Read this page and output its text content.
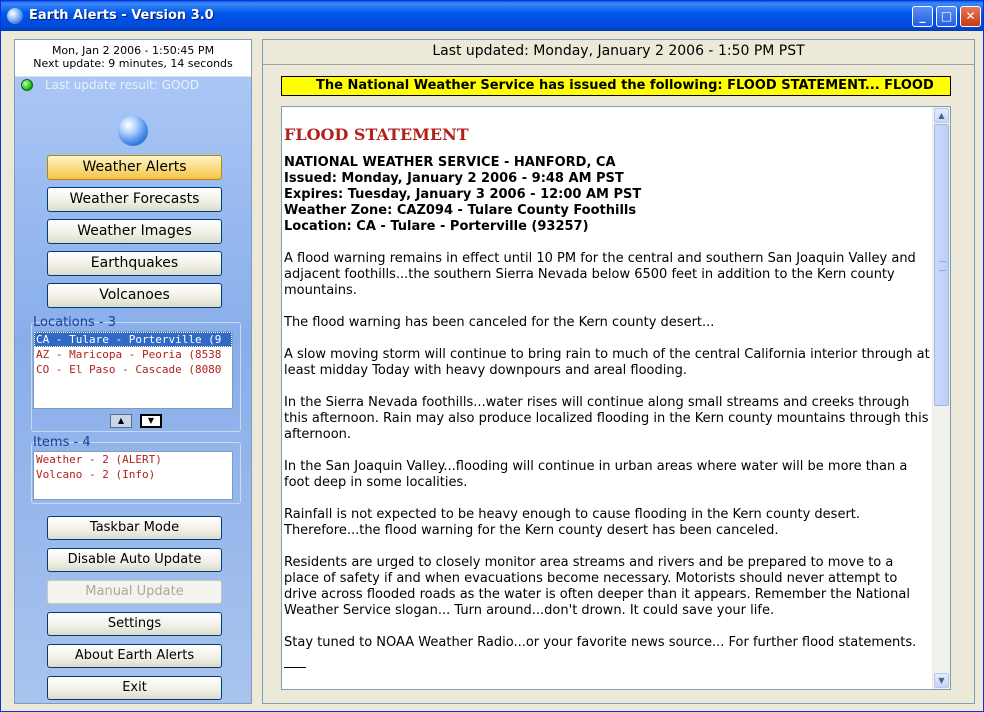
Earth Alerts - Version 3.0	_	□	✕
Mon, Jan 2 2006 - 1:50:45 PM
Next update: 9 minutes, 14 seconds
Last update result: GOOD
Weather Alerts
Weather Forecasts
Weather Images
Earthquakes
Volcanoes
Locations - 3
CA - Tulare - Porterville (9
AZ - Maricopa - Peoria (8538
CO - El Paso - Cascade (8080
▲	▼
Items - 4
Weather - 2 (ALERT)
Volcano - 2 (Info)
Taskbar Mode
Disable Auto Update
Manual Update
Settings
About Earth Alerts
Exit
Last updated: Monday, January 2 2006 - 1:50 PM PST
The National Weather Service has issued the following: FLOOD STATEMENT... FLOOD
FLOOD STATEMENT
NATIONAL WEATHER SERVICE - HANFORD, CA
Issued: Monday, January 2 2006 - 9:48 AM PST
Expires: Tuesday, January 3 2006 - 12:00 AM PST
Weather Zone: CAZ094 - Tulare County Foothills
Location: CA - Tulare - Porterville (93257)
A flood warning remains in effect until 10 PM for the central and southern San Joaquin Valley and adjacent foothills...the southern Sierra Nevada below 6500 feet in addition to the Kern county mountains.
The flood warning has been canceled for the Kern county desert...
A slow moving storm will continue to bring rain to much of the central California interior through at least midday Today with heavy downpours and areal flooding.
In the Sierra Nevada foothills...water rises will continue along small streams and creeks through this afternoon. Rain may also produce localized flooding in the Kern county mountains through this afternoon.
In the San Joaquin Valley...flooding will continue in urban areas where water will be more than a foot deep in some localities.
Rainfall is not expected to be heavy enough to cause flooding in the Kern county desert. Therefore...the flood warning for the Kern county desert has been canceled.
Residents are urged to closely monitor area streams and rivers and be prepared to move to a place of safety if and when evacuations become necessary. Motorists should never attempt to drive across flooded roads as the water is often deeper than it appears. Remember the National Weather Service slogan... Turn around...don't drown. It could save your life.
Stay tuned to NOAA Weather Radio...or your favorite news source... For further flood statements.
▲
▼
